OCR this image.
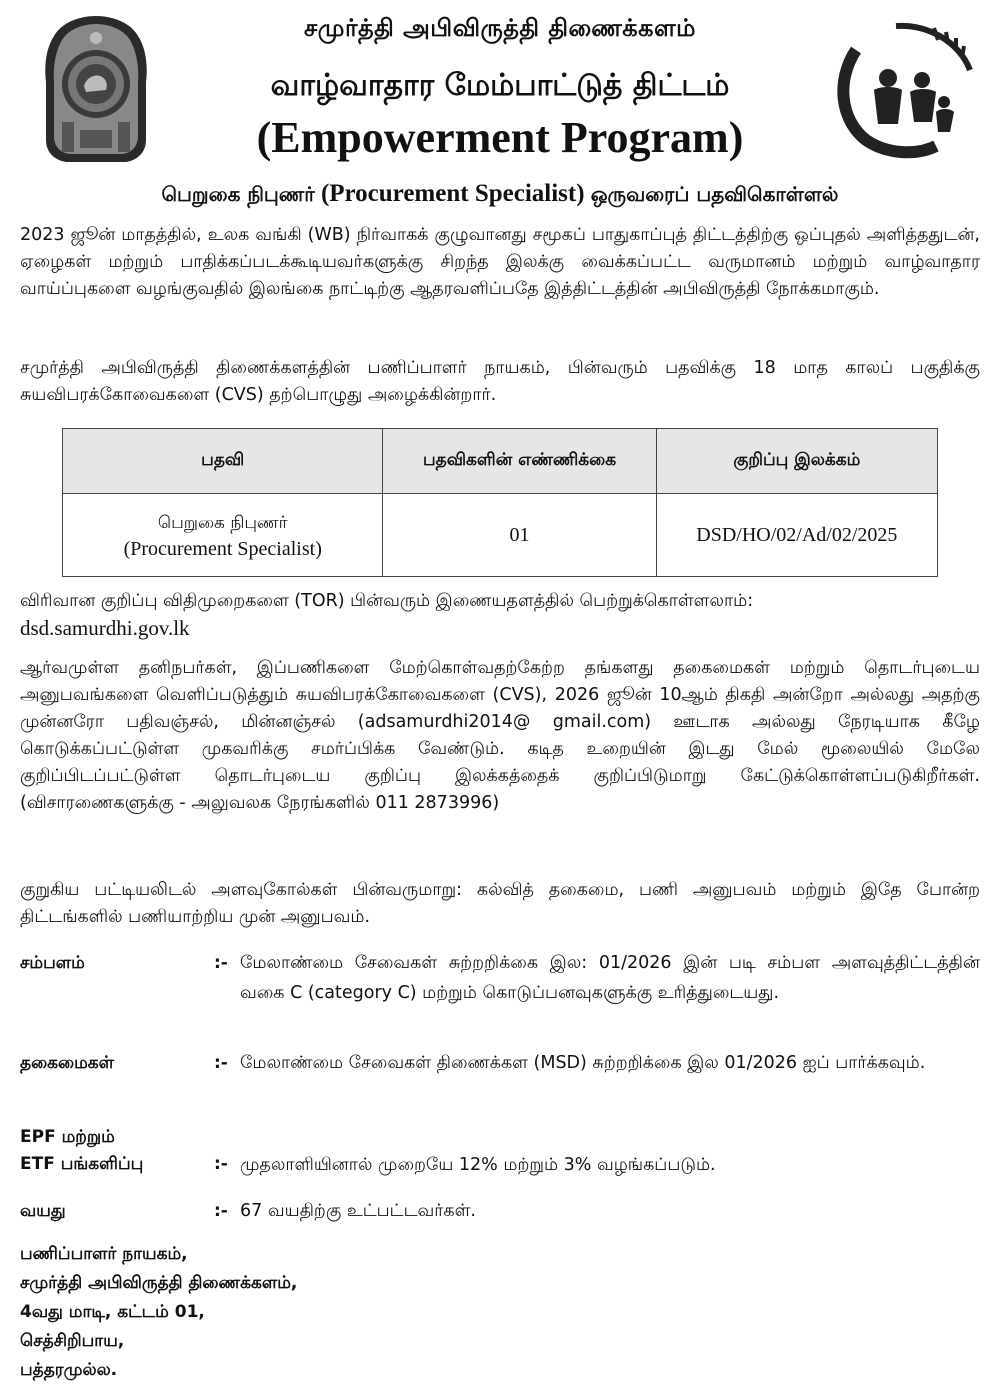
சமுர்த்தி அபிவிருத்தி திணைக்களம்
வாழ்வாதார மேம்பாட்டுத் திட்டம்
(Empowerment Program)
பெறுகை நிபுணர் (Procurement Specialist) ஒருவரைப் பதவிகொள்ளல்
2023 ஜூன் மாதத்தில், உலக வங்கி (WB) நிர்வாகக் குழுவானது சமூகப் பாதுகாப்புத் திட்டத்திற்கு ஒப்புதல் அளித்ததுடன், ஏழைகள் மற்றும் பாதிக்கப்படக்கூடியவர்களுக்கு சிறந்த இலக்கு வைக்கப்பட்ட வருமானம் மற்றும் வாழ்வாதார வாய்ப்புகளை வழங்குவதில் இலங்கை நாட்டிற்கு ஆதரவளிப்பதே இத்திட்டத்தின் அபிவிருத்தி நோக்கமாகும்.
சமுர்த்தி அபிவிருத்தி திணைக்களத்தின் பணிப்பாளர் நாயகம், பின்வரும் பதவிக்கு 18 மாத காலப் பகுதிக்கு சுயவிபரக்கோவைகளை (CVS) தற்பொழுது அழைக்கின்றார்.
பதவி	பதவிகளின் எண்ணிக்கை	குறிப்பு இலக்கம்
பெறுகை நிபுணர்
(Procurement Specialist)	01	DSD/HO/02/Ad/02/2025
விரிவான குறிப்பு விதிமுறைகளை (TOR) பின்வரும் இணையதளத்தில் பெற்றுக்கொள்ளலாம்:
dsd.samurdhi.gov.lk
ஆர்வமுள்ள தனிநபர்கள், இப்பணிகளை மேற்கொள்வதற்கேற்ற தங்களது தகைமைகள் மற்றும் தொடர்புடைய அனுபவங்களை வெளிப்படுத்தும் சுயவிபரக்கோவைகளை (CVS), 2026 ஜூன் 10ஆம் திகதி அன்றோ அல்லது அதற்கு முன்னரோ பதிவஞ்சல், மின்னஞ்சல் (adsamurdhi2014@ gmail.com) ஊடாக அல்லது நேரடியாக கீழே கொடுக்கப்பட்டுள்ள முகவரிக்கு சமர்ப்பிக்க வேண்டும். கடித உறையின் இடது மேல் மூலையில் மேலே குறிப்பிடப்பட்டுள்ள தொடர்புடைய குறிப்பு இலக்கத்தைக் குறிப்பிடுமாறு கேட்டுக்கொள்ளப்படுகிறீர்கள். (விசாரணைகளுக்கு - அலுவலக நேரங்களில் 011 2873996)
குறுகிய பட்டியலிடல் அளவுகோல்கள் பின்வருமாறு: கல்வித் தகைமை, பணி அனுபவம் மற்றும் இதே போன்ற திட்டங்களில் பணியாற்றிய முன் அனுபவம்.
சம்பளம்	:- மேலாண்மை சேவைகள் சுற்றறிக்கை இல: 01/2026 இன் படி சம்பள அளவுத்திட்டத்தின் வகை C (category C) மற்றும் கொடுப்பனவுகளுக்கு உரித்துடையது.
தகைமைகள்	:- மேலாண்மை சேவைகள் திணைக்கள (MSD) சுற்றறிக்கை இல 01/2026 ஐப் பார்க்கவும்.
EPF மற்றும்
ETF பங்களிப்பு	:- முதலாளியினால் முறையே 12% மற்றும் 3% வழங்கப்படும்.
வயது	:- 67 வயதிற்கு உட்பட்டவர்கள்.
பணிப்பாளர் நாயகம்,
சமுர்த்தி அபிவிருத்தி திணைக்களம்,
4வது மாடி, கட்டம் 01,
செத்சிறிபாய,
பத்தரமுல்ல.
